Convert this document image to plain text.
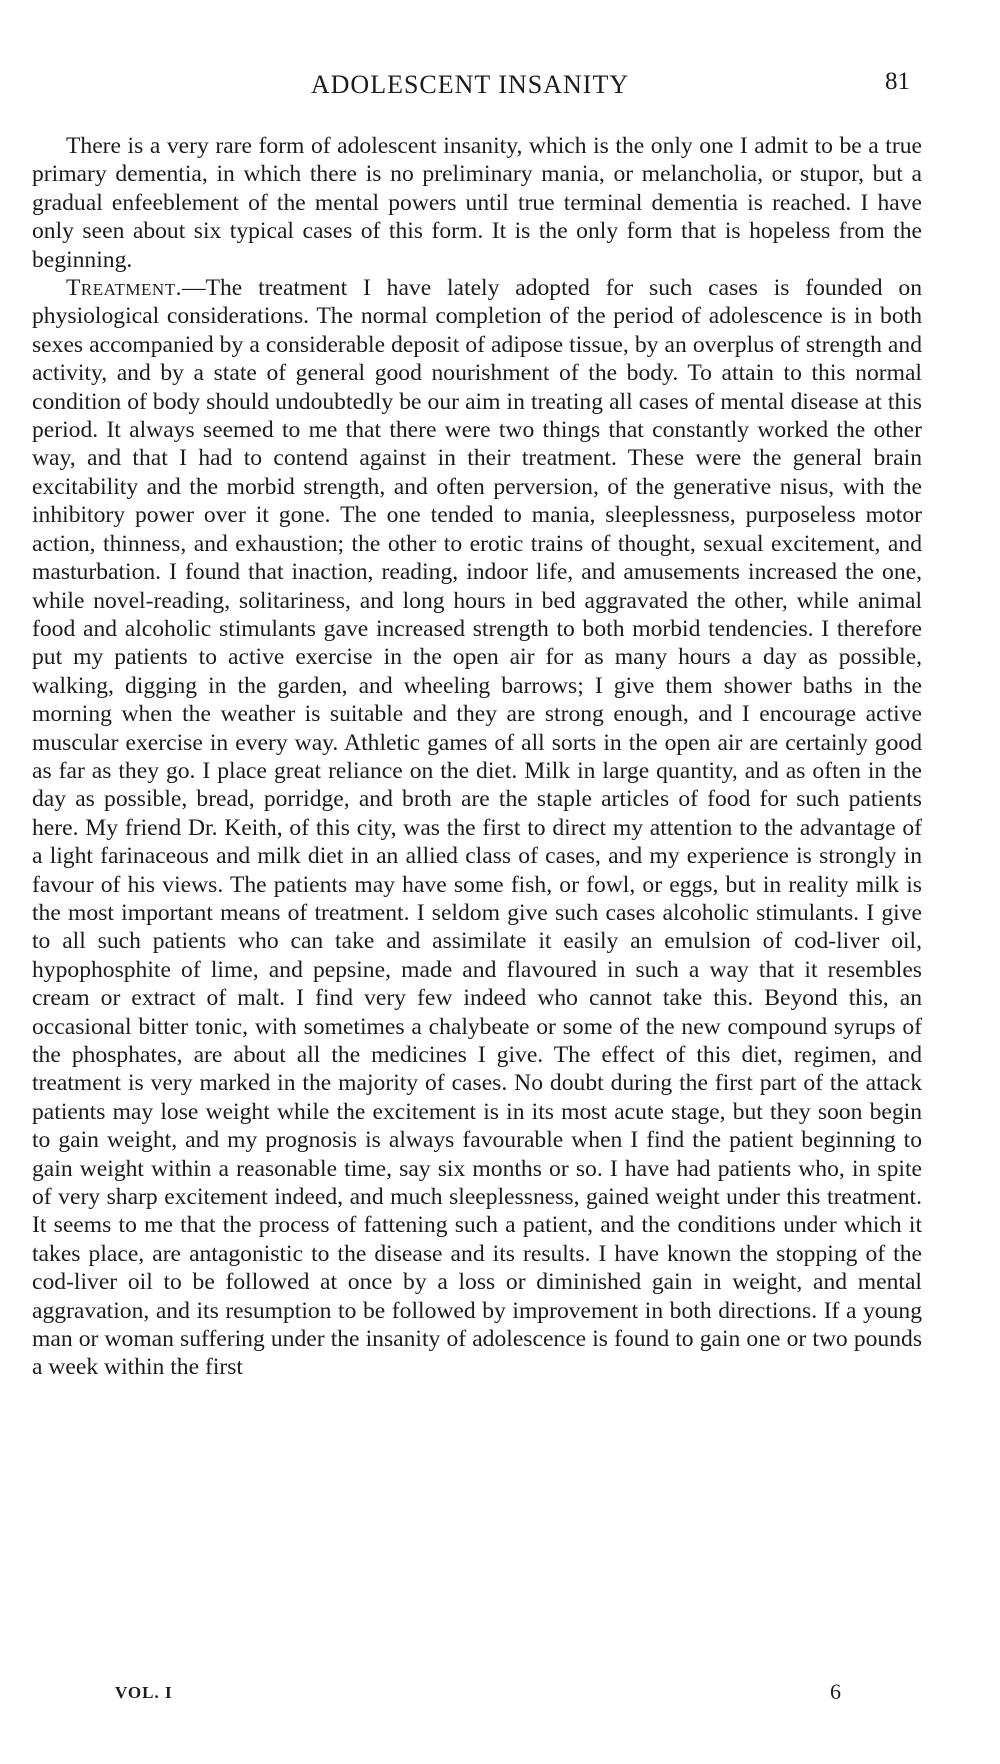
ADOLESCENT INSANITY	81

There is a very rare form of adolescent insanity, which is the only one I admit to be a true primary dementia, in which there is no preliminary mania, or melancholia, or stupor, but a gradual enfeeblement of the mental powers until true terminal dementia is reached. I have only seen about six typical cases of this form. It is the only form that is hopeless from the beginning.

Treatment.—The treatment I have lately adopted for such cases is founded on physiological considerations. The normal completion of the period of adolescence is in both sexes accompanied by a considerable deposit of adipose tissue, by an overplus of strength and activity, and by a state of general good nourishment of the body. To attain to this normal condition of body should undoubtedly be our aim in treating all cases of mental disease at this period. It always seemed to me that there were two things that constantly worked the other way, and that I had to contend against in their treatment. These were the general brain excitability and the morbid strength, and often perversion, of the generative nisus, with the inhibitory power over it gone. The one tended to mania, sleeplessness, purposeless motor action, thinness, and exhaustion; the other to erotic trains of thought, sexual excitement, and masturbation. I found that inaction, reading, indoor life, and amusements increased the one, while novel-reading, solitariness, and long hours in bed aggravated the other, while animal food and alcoholic stimulants gave increased strength to both morbid tendencies. I therefore put my patients to active exercise in the open air for as many hours a day as possible, walking, digging in the garden, and wheeling barrows; I give them shower baths in the morning when the weather is suitable and they are strong enough, and I encourage active muscular exercise in every way. Athletic games of all sorts in the open air are certainly good as far as they go. I place great reliance on the diet. Milk in large quantity, and as often in the day as possible, bread, porridge, and broth are the staple articles of food for such patients here. My friend Dr. Keith, of this city, was the first to direct my attention to the advantage of a light farinaceous and milk diet in an allied class of cases, and my experience is strongly in favour of his views. The patients may have some fish, or fowl, or eggs, but in reality milk is the most important means of treatment. I seldom give such cases alcoholic stimulants. I give to all such patients who can take and assimilate it easily an emulsion of cod-liver oil, hypophosphite of lime, and pepsine, made and flavoured in such a way that it resembles cream or extract of malt. I find very few indeed who cannot take this. Beyond this, an occasional bitter tonic, with sometimes a chalybeate or some of the new compound syrups of the phosphates, are about all the medicines I give. The effect of this diet, regimen, and treatment is very marked in the majority of cases. No doubt during the first part of the attack patients may lose weight while the excitement is in its most acute stage, but they soon begin to gain weight, and my prognosis is always favourable when I find the patient beginning to gain weight within a reasonable time, say six months or so. I have had patients who, in spite of very sharp excitement indeed, and much sleeplessness, gained weight under this treatment. It seems to me that the process of fattening such a patient, and the conditions under which it takes place, are antagonistic to the disease and its results. I have known the stopping of the cod-liver oil to be followed at once by a loss or diminished gain in weight, and mental aggravation, and its resumption to be followed by improvement in both directions. If a young man or woman suffering under the insanity of adolescence is found to gain one or two pounds a week within the first

VOL. I	6
